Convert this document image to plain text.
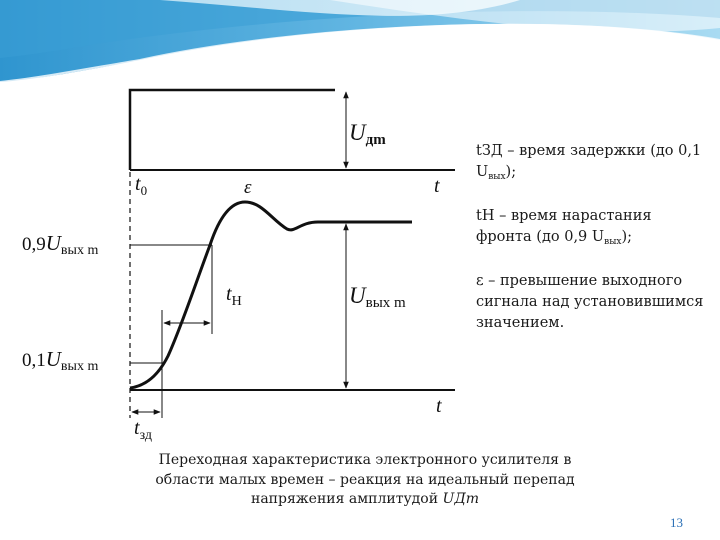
Uдm
$t_0$	t
ε
$0,9U_{вых m}$
$0,1U_{вых m}$
$t_Н$	Uвых m
t
$t_{зд}$
tЗД – время задержки (до 0,1 $U_{вых}$);
tН – время нарастания фронта (до 0,9 $U_{вых}$);
ε – превышение выходного сигнала над установившимся значением.
Переходная характеристика электронного усилителя в
области малых времен – реакция на идеальный перепад
напряжения амплитудой UДm
13
